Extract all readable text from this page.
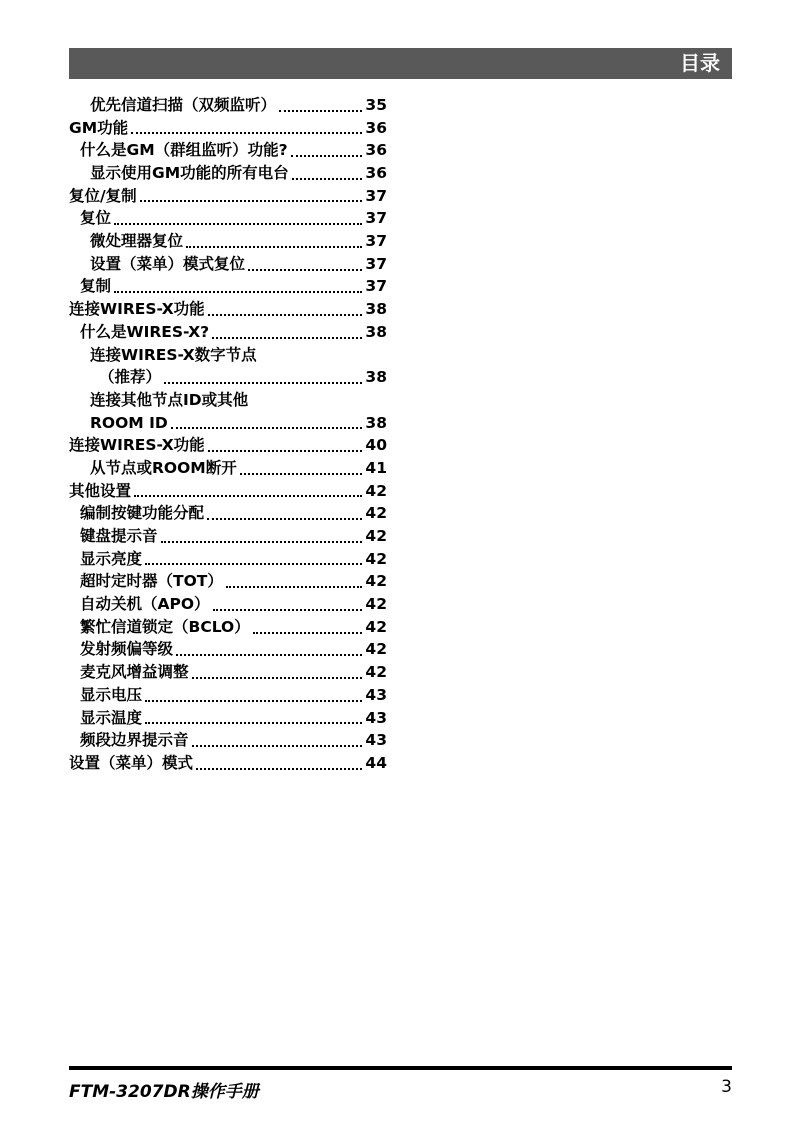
目录
优先信道扫描（双频监听）	35
GM功能	36
什么是GM（群组监听）功能?	36
显示使用GM功能的所有电台	36
复位/复制	37
复位	37
微处理器复位	37
设置（菜单）模式复位	37
复制	37
连接WIRES-X功能	38
什么是WIRES-X?	38
连接WIRES-X数字节点
（推荐）	38
连接其他节点ID或其他
ROOM ID	38
连接WIRES-X功能	40
从节点或ROOM断开	41
其他设置	42
编制按键功能分配	42
键盘提示音	42
显示亮度	42
超时定时器（TOT）	42
自动关机（APO）	42
繁忙信道锁定（BCLO）	42
发射频偏等级	42
麦克风增益调整	42
显示电压	43
显示温度	43
频段边界提示音	43
设置（菜单）模式	44
FTM-3207DR操作手册	3
